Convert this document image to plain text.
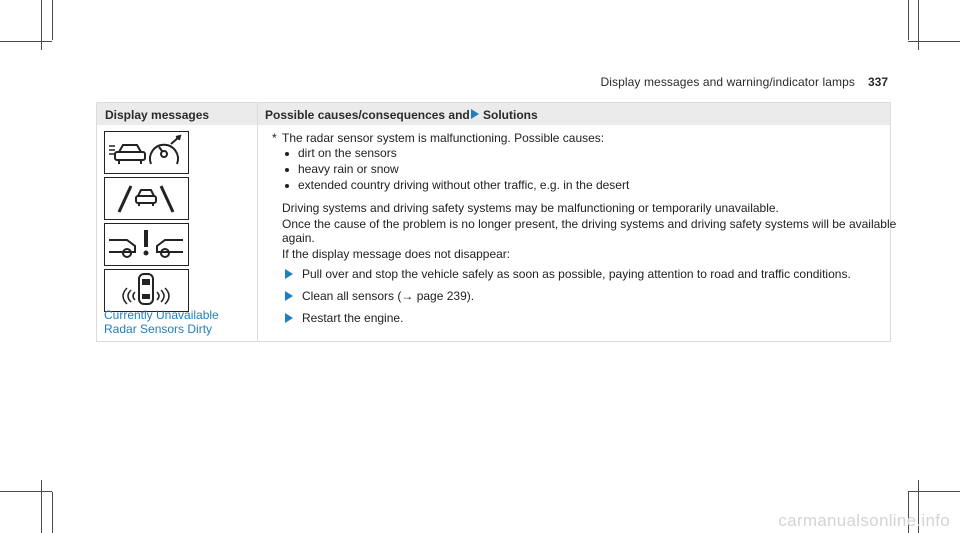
Display messages and warning/indicator lamps 337
Display messages	Possible causes/consequences and Solutions
Currently Unavailable
Radar Sensors Dirty
* The radar sensor system is malfunctioning. Possible causes:
dirt on the sensors
heavy rain or snow
extended country driving without other traffic, e.g. in the desert
Driving systems and driving safety systems may be malfunctioning or temporarily unavailable.
Once the cause of the problem is no longer present, the driving systems and driving safety systems will be available
again.
If the display message does not disappear:
Pull over and stop the vehicle safely as soon as possible, paying attention to road and traffic conditions.
Clean all sensors (→ page 239).
Restart the engine.
carmanualsonline.info
